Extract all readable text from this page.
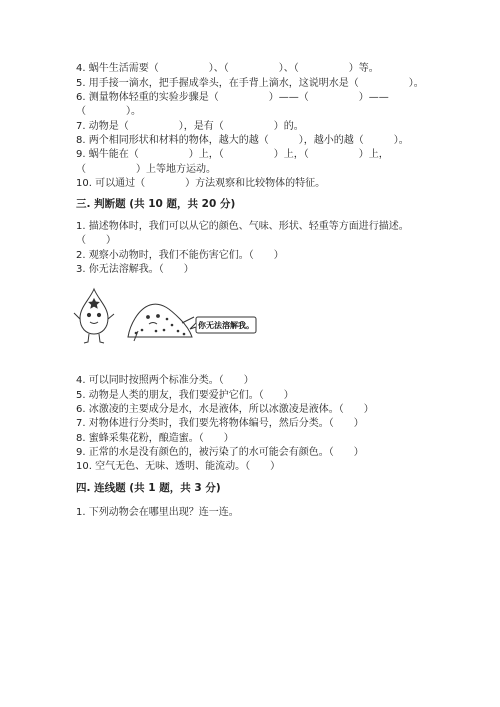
4. 蜗牛生活需要（　　　　　）、（　　　　　）、（　　　　　）等。

5. 用手接一滴水，把手握成拳头，在手背上滴水，这说明水是（　　　　　）。

6. 测量物体轻重的实验步骤是（　　　　　）——（　　　　　）——

（　　　　）。

7. 动物是（　　　　　），是有（　　　　　）的。

8. 两个相同形状和材料的物体，越大的越（　　　），越小的越（　　　）。

9. 蜗牛能在（　　　　　）上，（　　　　　）上，（　　　　　）上，

（　　　　　）上等地方运动。

10. 可以通过（　　　　）方法观察和比较物体的特征。

三. 判断题 (共 10 题，共 20 分)

1. 描述物体时，我们可以从它的颜色、气味、形状、轻重等方面进行描述。

（　　）

2. 观察小动物时，我们不能伤害它们。（　　）

3. 你无法溶解我。（　　）

你无法溶解我。

4. 可以同时按照两个标准分类。（　　）

5. 动物是人类的朋友，我们要爱护它们。（　　）

6. 冰激凌的主要成分是水，水是液体，所以冰激凌是液体。（　　）

7. 对物体进行分类时，我们要先将物体编号，然后分类。（　　）

8. 蜜蜂采集花粉，酿造蜜。（　　）

9. 正常的水是没有颜色的，被污染了的水可能会有颜色。（　　）

10. 空气无色、无味、透明、能流动。（　　）

四. 连线题 (共 1 题，共 3 分)

1. 下列动物会在哪里出现？连一连。
